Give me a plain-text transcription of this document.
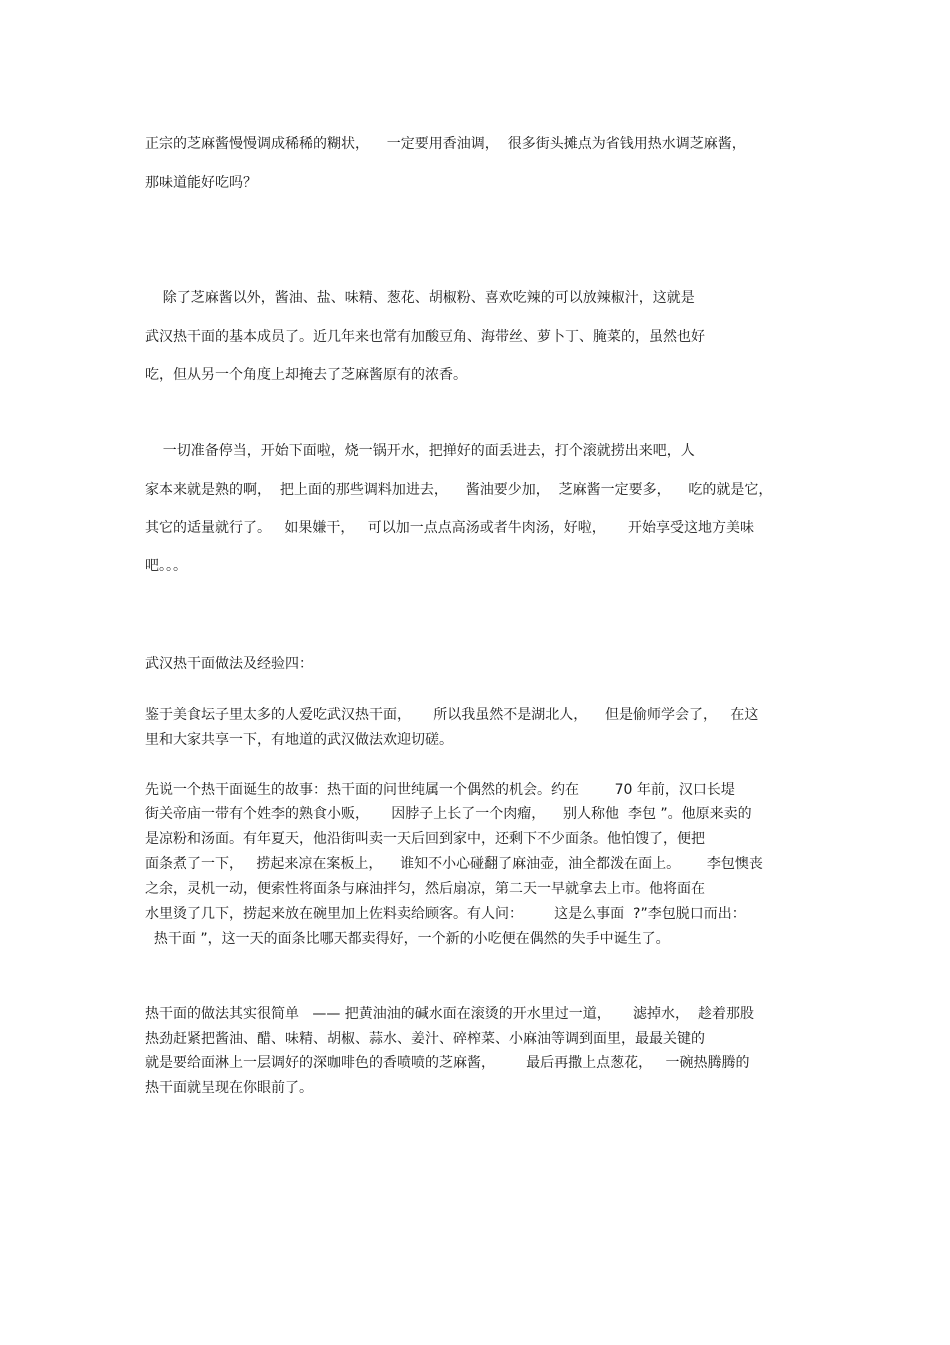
正宗的芝麻酱慢慢调成稀稀的糊状，    一定要用香油调，  很多街头摊点为省钱用热水调芝麻酱，
那味道能好吃吗？
除了芝麻酱以外，酱油、盐、味精、葱花、胡椒粉、喜欢吃辣的可以放辣椒汁，这就是
武汉热干面的基本成员了。近几年来也常有加酸豆角、海带丝、萝卜丁、腌菜的，虽然也好
吃，但从另一个角度上却掩去了芝麻酱原有的浓香。
一切准备停当，开始下面啦，烧一锅开水，把掸好的面丢进去，打个滚就捞出来吧，人
家本来就是熟的啊，  把上面的那些调料加进去，    酱油要少加，  芝麻酱一定要多，    吃的就是它，
其它的适量就行了。   如果嫌干，   可以加一点点高汤或者牛肉汤，好啦，     开始享受这地方美味
吧。。。
武汉热干面做法及经验四：
鉴于美食坛子里太多的人爱吃武汉热干面，     所以我虽然不是湖北人，    但是偷师学会了，   在这
里和大家共享一下，有地道的武汉做法欢迎切磋。
先说一个热干面诞生的故事：热干面的问世纯属一个偶然的机会。约在        70 年前，汉口长堤
街关帝庙一带有个姓李的熟食小贩，     因脖子上长了一个肉瘤，    别人称他  李包 ”。他原来卖的
是凉粉和汤面。有年夏天，他沿街叫卖一天后回到家中，还剩下不少面条。他怕馊了，便把
面条煮了一下，   捞起来凉在案板上，    谁知不小心碰翻了麻油壶，油全都泼在面上。      李包懊丧
之余，灵机一动，便索性将面条与麻油拌匀，然后扇凉，第二天一早就拿去上市。他将面在
水里烫了几下，捞起来放在碗里加上佐料卖给顾客。有人问：       这是么事面  ?”李包脱口而出：
热干面 ”，这一天的面条比哪天都卖得好，一个新的小吃便在偶然的失手中诞生了。
热干面的做法其实很简单   —— 把黄油油的碱水面在滚烫的开水里过一道，     滤掉水，  趁着那股
热劲赶紧把酱油、醋、味精、胡椒、蒜水、姜汁、碎榨菜、小麻油等调到面里，最最关键的
就是要给面淋上一层调好的深咖啡色的香喷喷的芝麻酱，       最后再撒上点葱花，   一碗热腾腾的
热干面就呈现在你眼前了。
